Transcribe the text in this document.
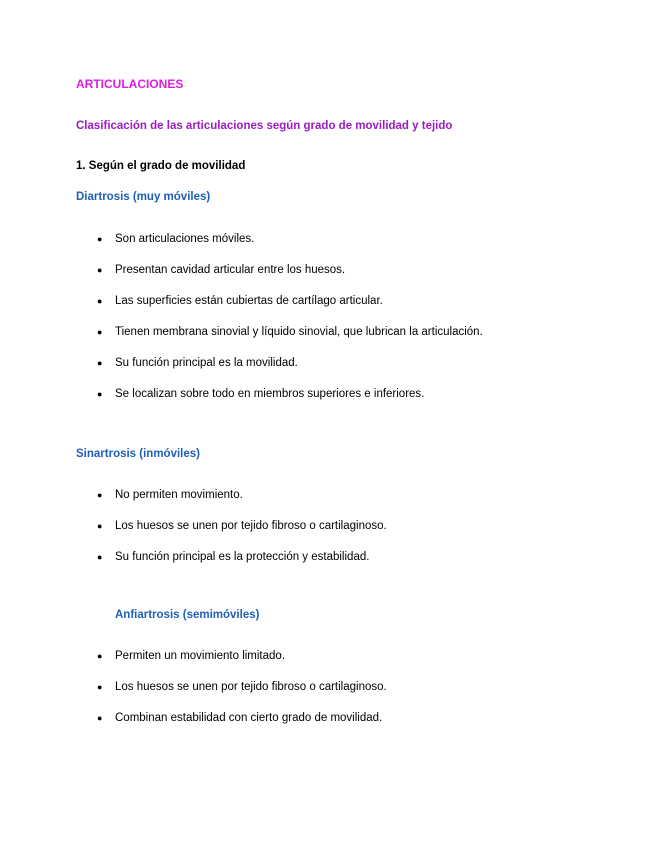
ARTICULACIONES
Clasificación de las articulaciones según grado de movilidad y tejido
1. Según el grado de movilidad
Diartrosis (muy móviles)
●	Son articulaciones móviles.
●	Presentan cavidad articular entre los huesos.
●	Las superficies están cubiertas de cartílago articular.
●	Tienen membrana sinovial y líquido sinovial, que lubrican la articulación.
●	Su función principal es la movilidad.
●	Se localizan sobre todo en miembros superiores e inferiores.
Sinartrosis (inmóviles)
●	No permiten movimiento.
●	Los huesos se unen por tejido fibroso o cartilaginoso.
●	Su función principal es la protección y estabilidad.
Anfiartrosis (semimóviles)
●	Permiten un movimiento limitado.
●	Los huesos se unen por tejido fibroso o cartilaginoso.
●	Combinan estabilidad con cierto grado de movilidad.
